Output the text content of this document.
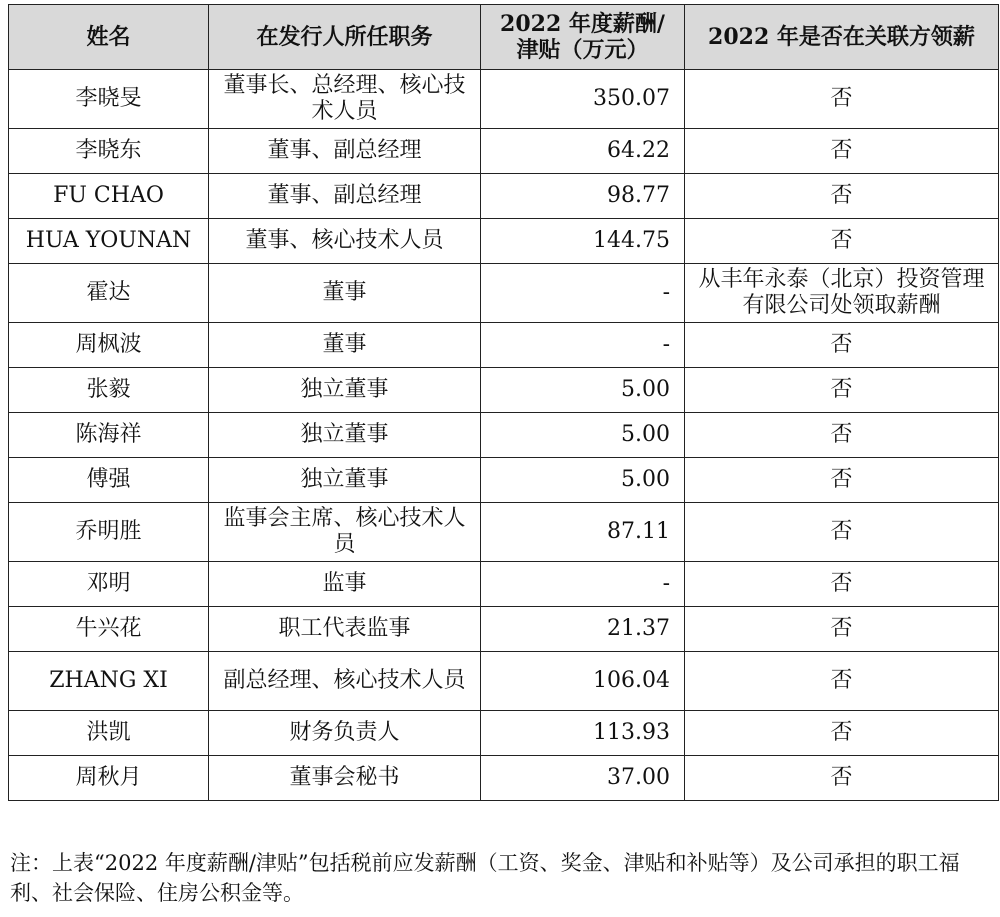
姓名	在发行人所任职务	2022 年度薪酬/津贴（万元）	2022 年是否在关联方领薪
李晓旻	董事长、总经理、核心技术人员	350.07	否
李晓东	董事、副总经理	64.22	否
FU CHAO	董事、副总经理	98.77	否
HUA YOUNAN	董事、核心技术人员	144.75	否
霍达	董事	-	从丰年永泰（北京）投资管理有限公司处领取薪酬
周枫波	董事	-	否
张毅	独立董事	5.00	否
陈海祥	独立董事	5.00	否
傅强	独立董事	5.00	否
乔明胜	监事会主席、核心技术人员	87.11	否
邓明	监事	-	否
牛兴花	职工代表监事	21.37	否
ZHANG XI	副总经理、核心技术人员	106.04	否
洪凯	财务负责人	113.93	否
周秋月	董事会秘书	37.00	否
注：上表“2022 年度薪酬/津贴”包括税前应发薪酬（工资、奖金、津贴和补贴等）及公司承担的职工福利、社会保险、住房公积金等。
